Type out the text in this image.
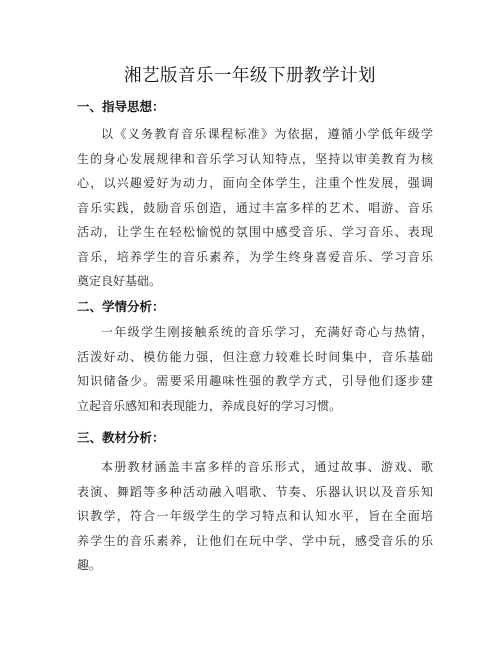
湘艺版音乐一年级下册教学计划
一、指导思想：
以《义务教育音乐课程标准》为依据，遵循小学低年级学
生的身心发展规律和音乐学习认知特点，坚持以审美教育为核
心，以兴趣爱好为动力，面向全体学生，注重个性发展，强调
音乐实践，鼓励音乐创造，通过丰富多样的艺术、唱游、音乐
活动，让学生在轻松愉悦的氛围中感受音乐、学习音乐、表现
音乐，培养学生的音乐素养，为学生终身喜爱音乐、学习音乐
奠定良好基础。
二、学情分析：
一年级学生刚接触系统的音乐学习，充满好奇心与热情，
活泼好动、模仿能力强，但注意力较难长时间集中，音乐基础
知识储备少。需要采用趣味性强的教学方式，引导他们逐步建
立起音乐感知和表现能力，养成良好的学习习惯。
三、教材分析：
本册教材涵盖丰富多样的音乐形式，通过故事、游戏、歌
表演、舞蹈等多种活动融入唱歌、节奏、乐器认识以及音乐知
识教学，符合一年级学生的学习特点和认知水平，旨在全面培
养学生的音乐素养，让他们在玩中学、学中玩，感受音乐的乐
趣。
